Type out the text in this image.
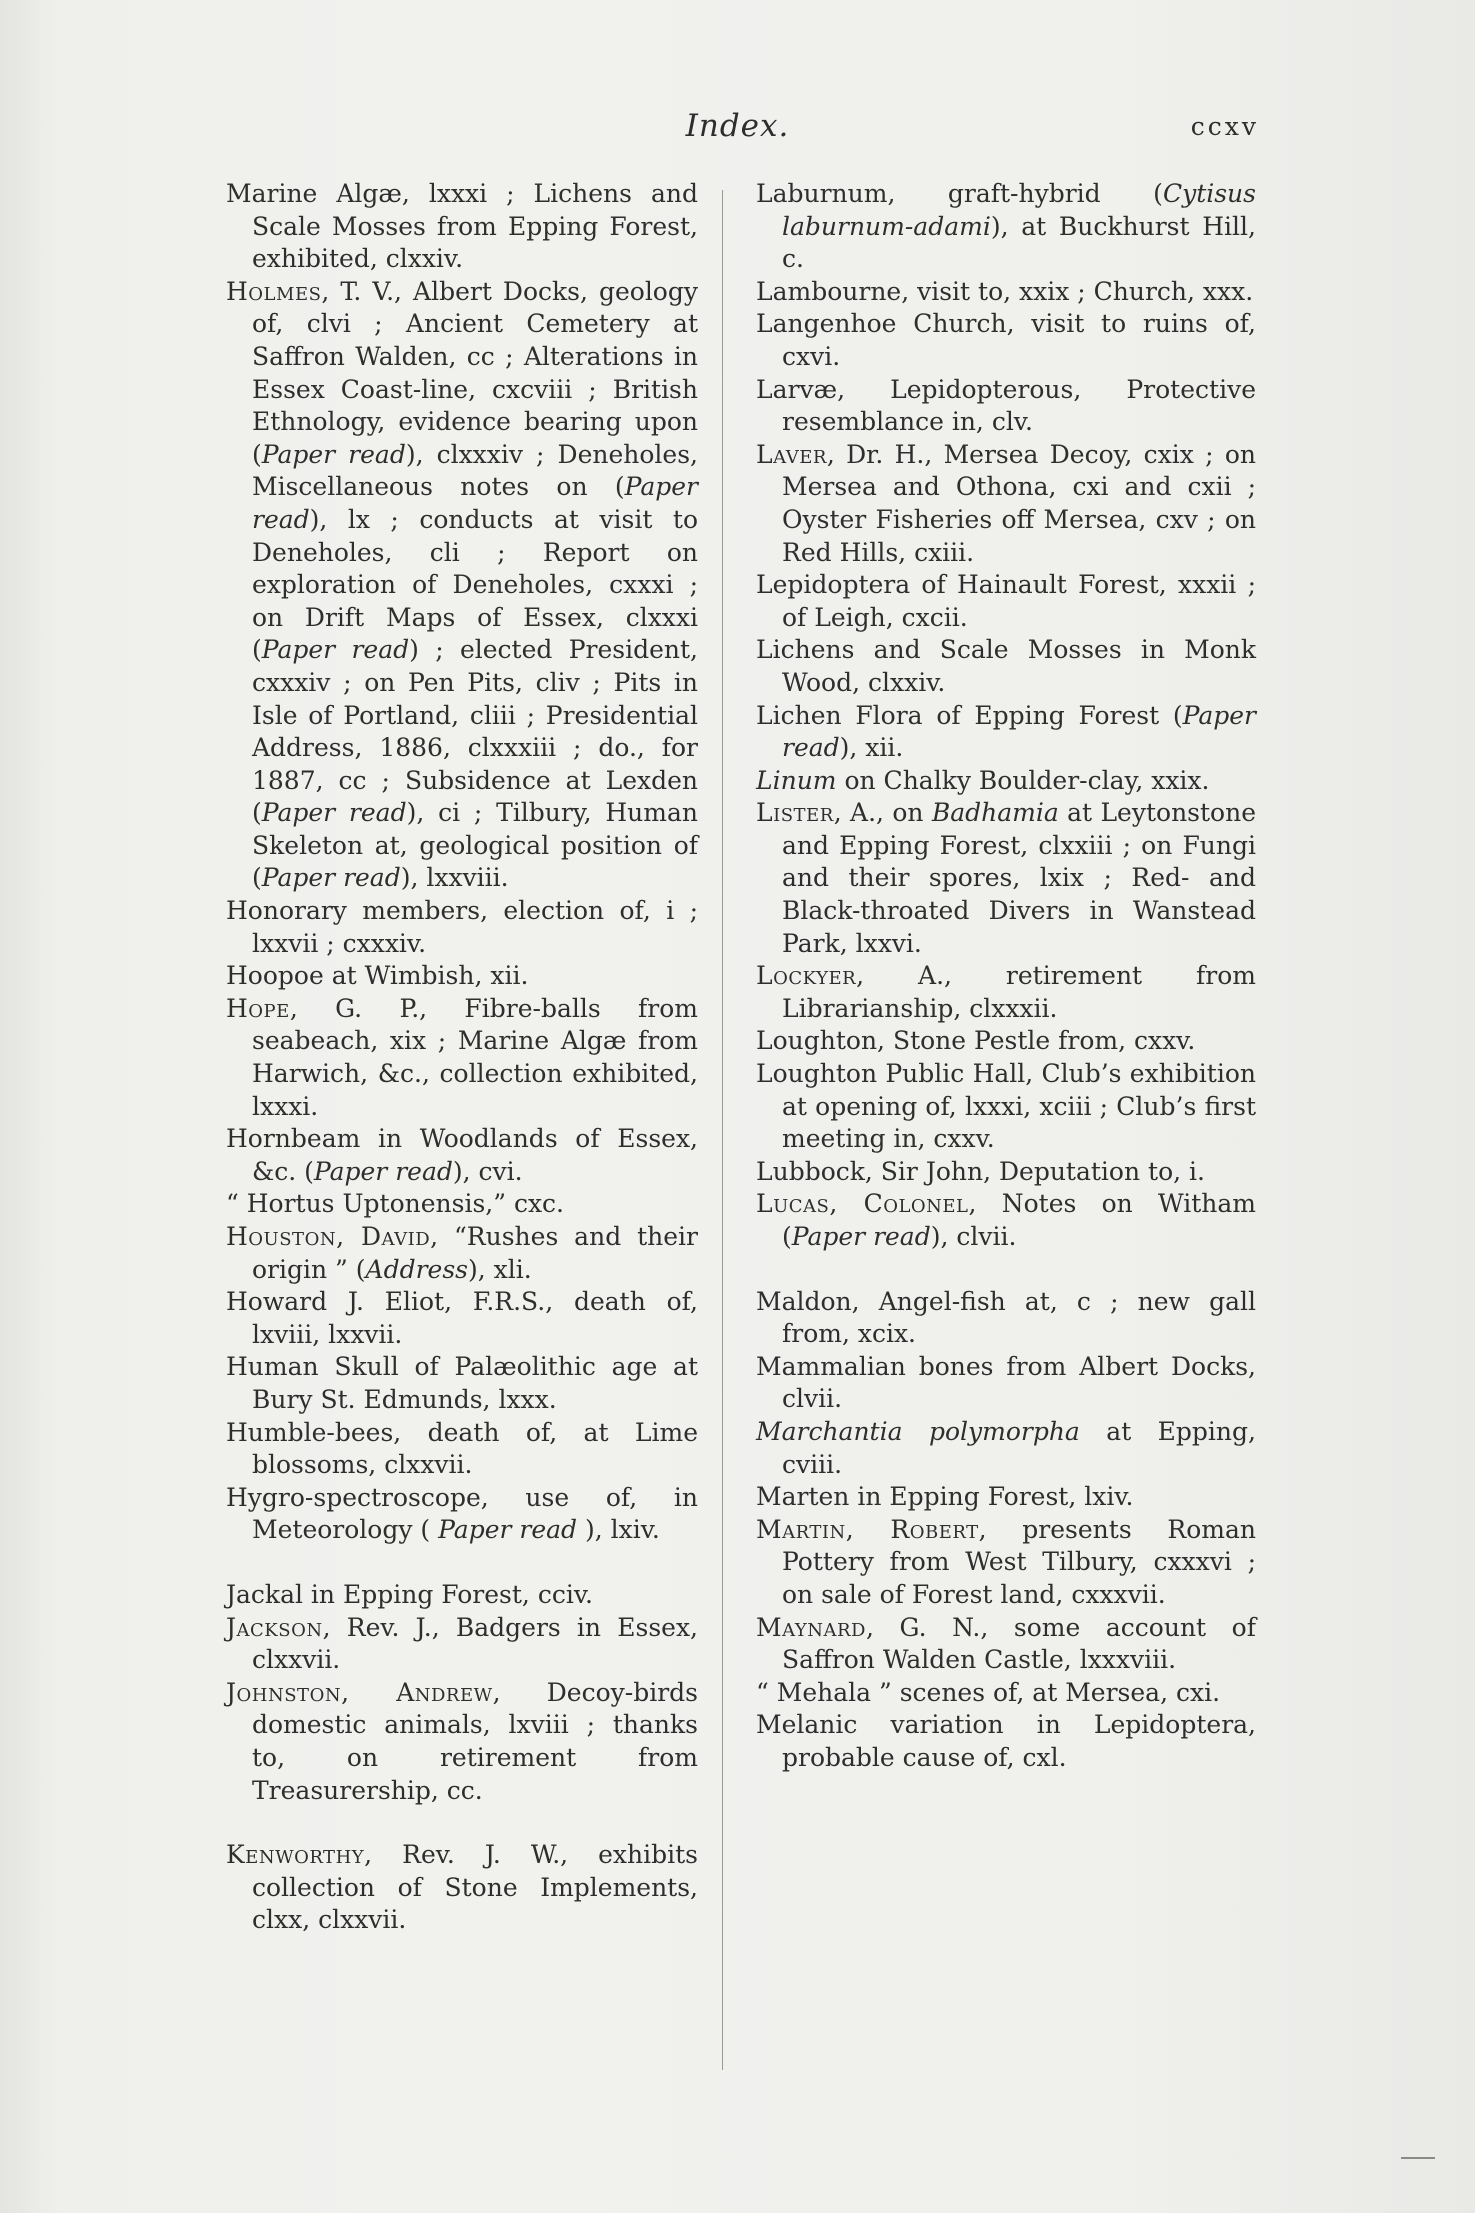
Index.	ccxv
Marine Algæ, lxxxi ; Lichens and Scale Mosses from Epping Forest, exhibited, clxxiv.
Holmes, T. V., Albert Docks, geology of, clvi ; Ancient Cemetery at Saffron Walden, cc ; Alterations in Essex Coast-line, cxcviii ; British Ethnology, evidence bearing upon (Paper read), clxxxiv ; Deneholes, Miscellaneous notes on (Paper read), lx ; conducts at visit to Deneholes, cli ; Report on exploration of Deneholes, cxxxi ; on Drift Maps of Essex, clxxxi (Paper read) ; elected President, cxxxiv ; on Pen Pits, cliv ; Pits in Isle of Portland, cliii ; Presidential Address, 1886, clxxxiii ; do., for 1887, cc ; Subsidence at Lexden (Paper read), ci ; Tilbury, Human Skeleton at, geological position of (Paper read), lxxviii.
Honorary members, election of, i ; lxxvii ; cxxxiv.
Hoopoe at Wimbish, xii.
Hope, G. P., Fibre-balls from seabeach, xix ; Marine Algæ from Harwich, &c., collection exhibited, lxxxi.
Hornbeam in Woodlands of Essex, &c. (Paper read), cvi.
“ Hortus Uptonensis,” cxc.
Houston, David, “Rushes and their origin ” (Address), xli.
Howard J. Eliot, F.R.S., death of, lxviii, lxxvii.
Human Skull of Palæolithic age at Bury St. Edmunds, lxxx.
Humble-bees, death of, at Lime blossoms, clxxvii.
Hygro-spectroscope, use of, in Meteorology ( Paper read ), lxiv.
Jackal in Epping Forest, cciv.
Jackson, Rev. J., Badgers in Essex, clxxvii.
Johnston, Andrew, Decoy-birds domestic animals, lxviii ; thanks to, on retirement from Treasurership, cc.
Kenworthy, Rev. J. W., exhibits collection of Stone Implements, clxx, clxxvii.
Laburnum, graft-hybrid (Cytisus laburnum-adami), at Buckhurst Hill, c.
Lambourne, visit to, xxix ; Church, xxx.
Langenhoe Church, visit to ruins of, cxvi.
Larvæ, Lepidopterous, Protective resemblance in, clv.
Laver, Dr. H., Mersea Decoy, cxix ; on Mersea and Othona, cxi and cxii ; Oyster Fisheries off Mersea, cxv ; on Red Hills, cxiii.
Lepidoptera of Hainault Forest, xxxii ; of Leigh, cxcii.
Lichens and Scale Mosses in Monk Wood, clxxiv.
Lichen Flora of Epping Forest (Paper read), xii.
Linum on Chalky Boulder-clay, xxix.
Lister, A., on Badhamia at Leytonstone and Epping Forest, clxxiii ; on Fungi and their spores, lxix ; Red- and Black-throated Divers in Wanstead Park, lxxvi.
Lockyer, A., retirement from Librarianship, clxxxii.
Loughton, Stone Pestle from, cxxv.
Loughton Public Hall, Club’s exhibition at opening of, lxxxi, xciii ; Club’s first meeting in, cxxv.
Lubbock, Sir John, Deputation to, i.
Lucas, Colonel, Notes on Witham (Paper read), clvii.
Maldon, Angel-fish at, c ; new gall from, xcix.
Mammalian bones from Albert Docks, clvii.
Marchantia polymorpha at Epping, cviii.
Marten in Epping Forest, lxiv.
Martin, Robert, presents Roman Pottery from West Tilbury, cxxxvi ; on sale of Forest land, cxxxvii.
Maynard, G. N., some account of Saffron Walden Castle, lxxxviii.
“ Mehala ” scenes of, at Mersea, cxi.
Melanic variation in Lepidoptera, probable cause of, cxl.
